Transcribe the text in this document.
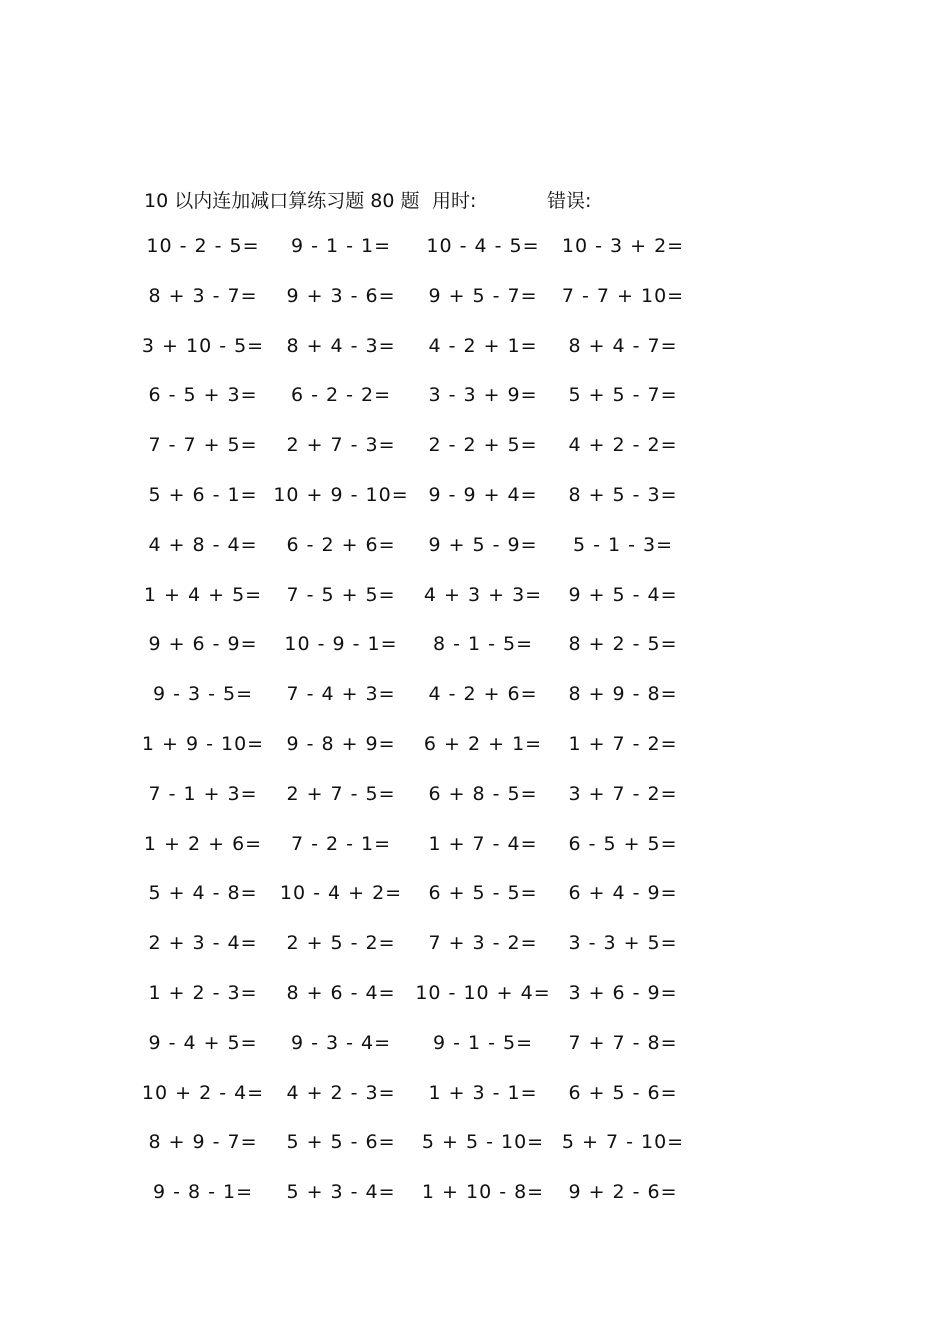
10 以内连加减口算练习题 80 题 用时:	错误:
10 - 2 - 5=	9 - 1 - 1=	10 - 4 - 5=	10 - 3 + 2=
8 + 3 - 7=	9 + 3 - 6=	9 + 5 - 7=	7 - 7 + 10=
3 + 10 - 5=	8 + 4 - 3=	4 - 2 + 1=	8 + 4 - 7=
6 - 5 + 3=	6 - 2 - 2=	3 - 3 + 9=	5 + 5 - 7=
7 - 7 + 5=	2 + 7 - 3=	2 - 2 + 5=	4 + 2 - 2=
5 + 6 - 1= 10 + 9 - 10=	9 - 9 + 4=	8 + 5 - 3=
4 + 8 - 4=	6 - 2 + 6=	9 + 5 - 9=	5 - 1 - 3=
1 + 4 + 5=	7 - 5 + 5=	4 + 3 + 3=	9 + 5 - 4=
9 + 6 - 9=	10 - 9 - 1=	8 - 1 - 5=	8 + 2 - 5=
9 - 3 - 5=	7 - 4 + 3=	4 - 2 + 6=	8 + 9 - 8=
1 + 9 - 10=	9 - 8 + 9=	6 + 2 + 1=	1 + 7 - 2=
7 - 1 + 3=	2 + 7 - 5=	6 + 8 - 5=	3 + 7 - 2=
1 + 2 + 6=	7 - 2 - 1=	1 + 7 - 4=	6 - 5 + 5=
5 + 4 - 8=	10 - 4 + 2=	6 + 5 - 5=	6 + 4 - 9=
2 + 3 - 4=	2 + 5 - 2=	7 + 3 - 2=	3 - 3 + 5=
1 + 2 - 3=	8 + 6 - 4=	10 - 10 + 4= 3 + 6 - 9=
9 - 4 + 5=	9 - 3 - 4=	9 - 1 - 5=	7 + 7 - 8=
10 + 2 - 4=	4 + 2 - 3=	1 + 3 - 1=	6 + 5 - 6=
8 + 9 - 7=	5 + 5 - 6=	5 + 5 - 10= 5 + 7 - 10=
9 - 8 - 1=	5 + 3 - 4=	1 + 10 - 8=	9 + 2 - 6=
